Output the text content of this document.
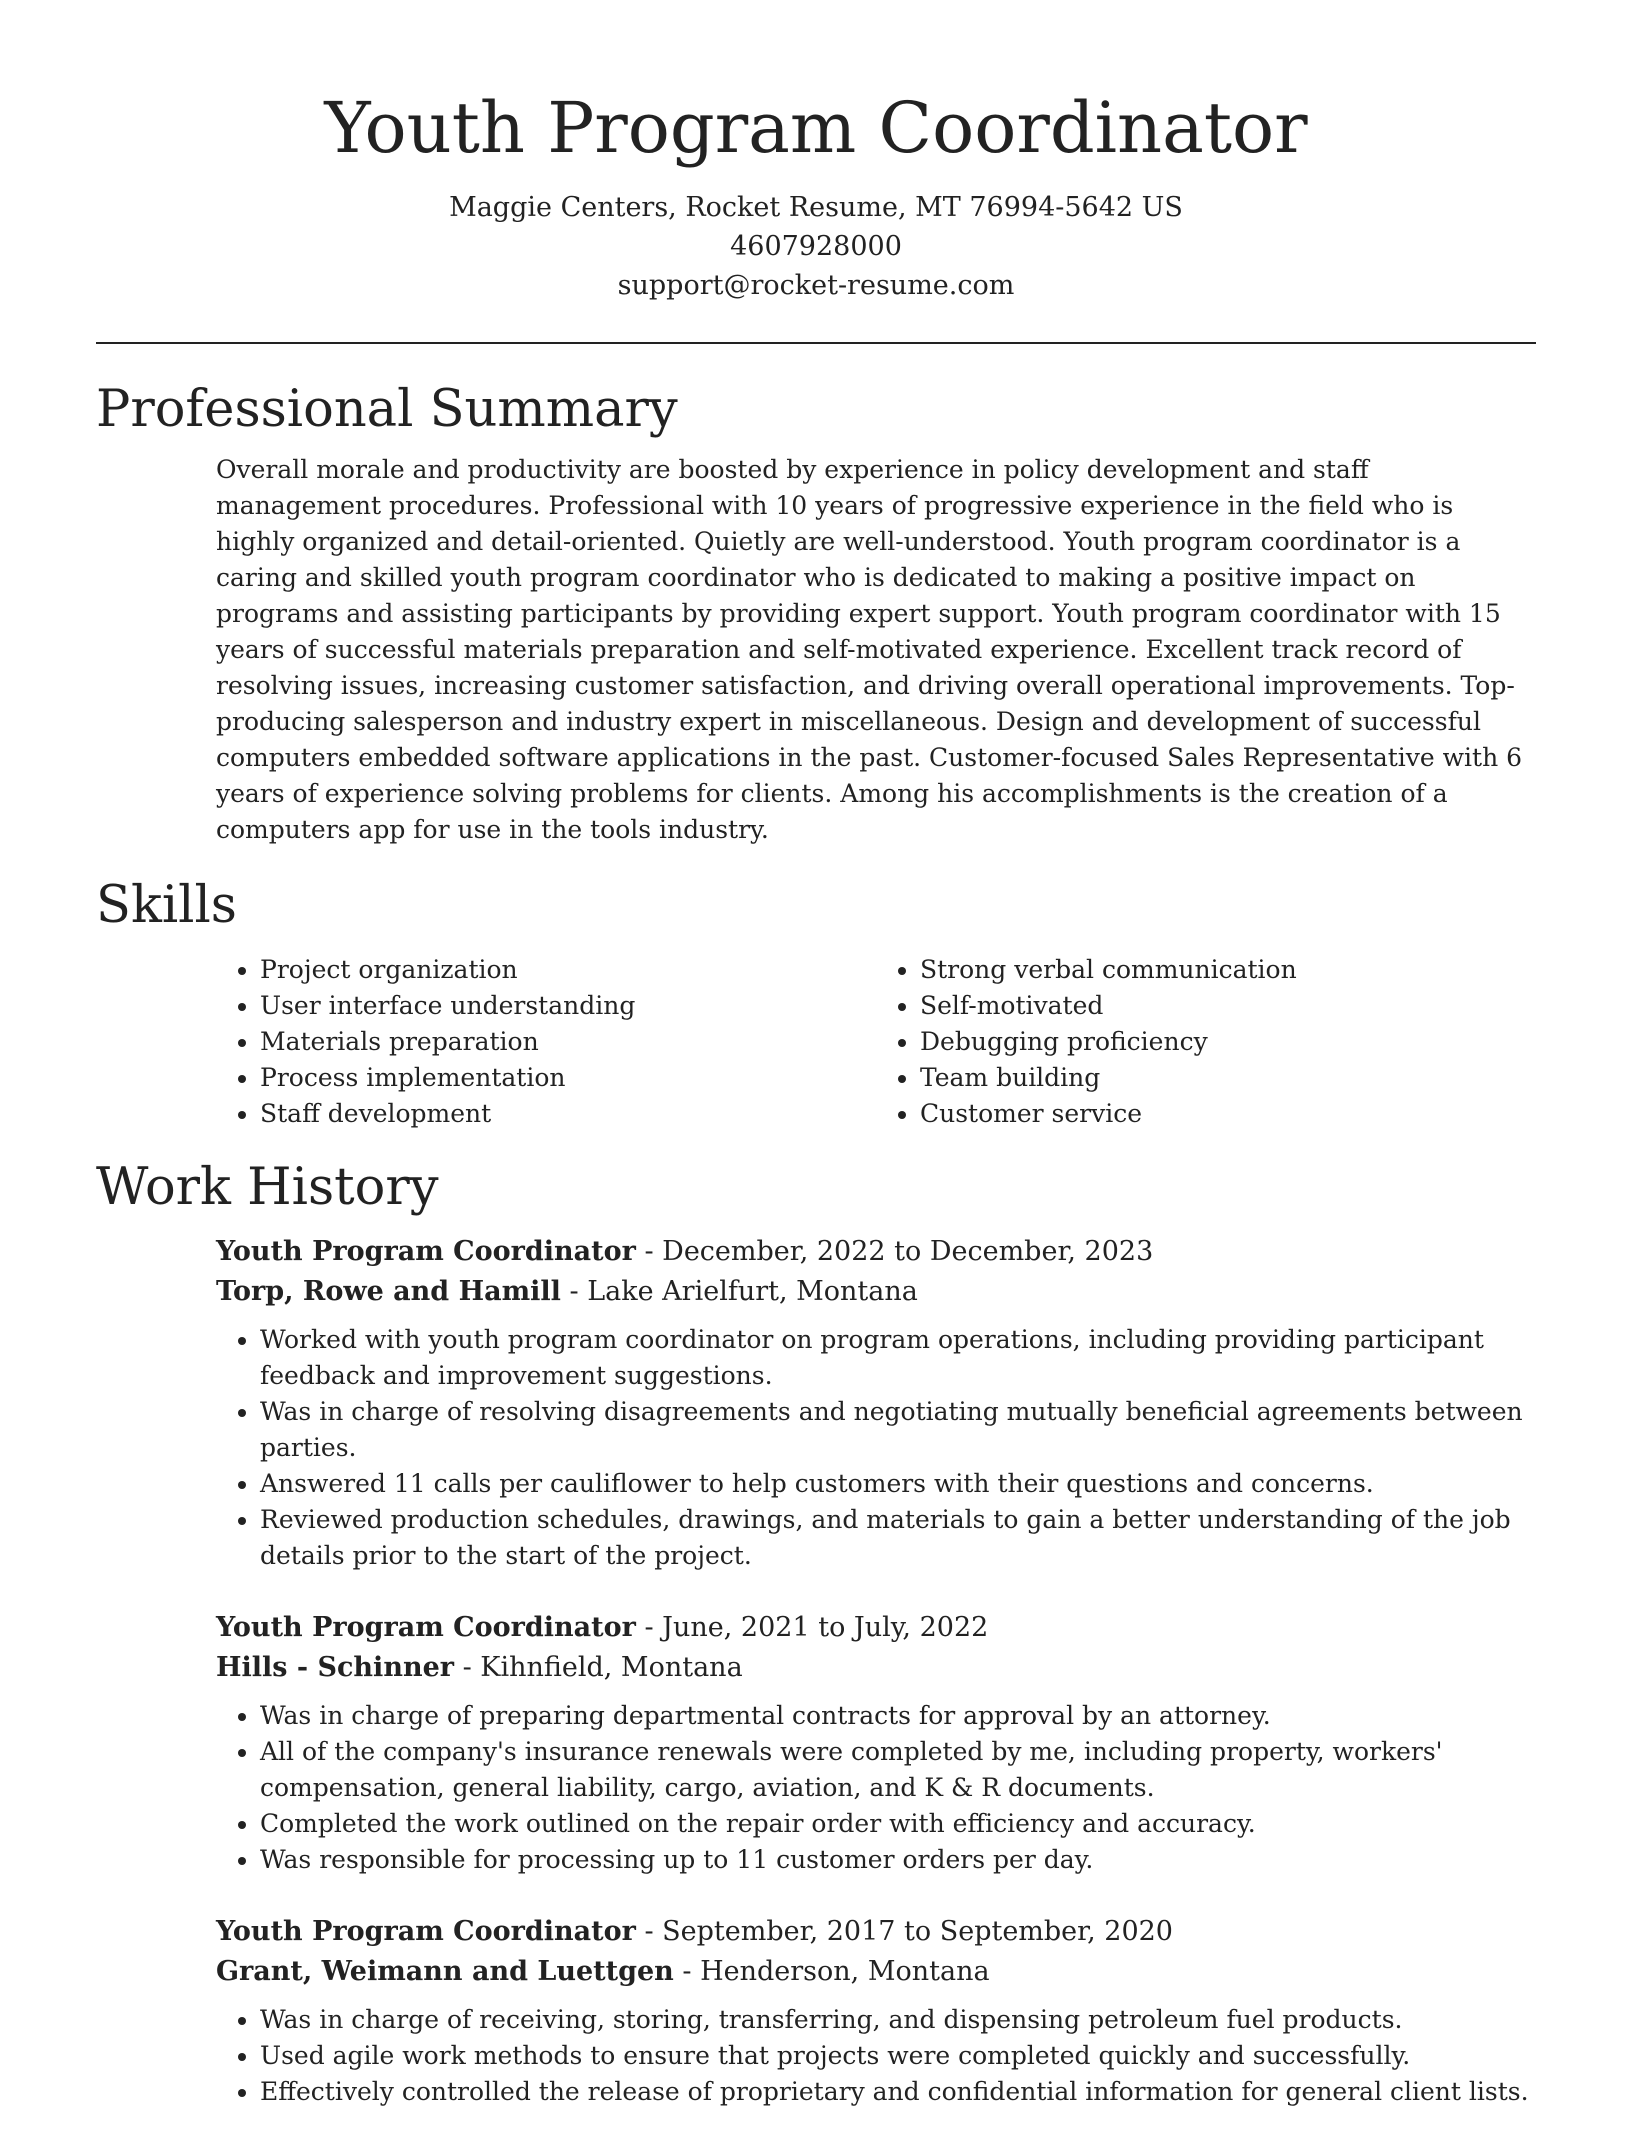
Youth Program Coordinator
Maggie Centers, Rocket Resume, MT 76994-5642 US
4607928000
support@rocket-resume.com
Professional Summary

Overall morale and productivity are boosted by experience in policy development and staff management procedures. Professional with 10 years of progressive experience in the field who is highly organized and detail-oriented. Quietly are well-understood. Youth program coordinator is a caring and skilled youth program coordinator who is dedicated to making a positive impact on programs and assisting participants by providing expert support. Youth program coordinator with 15 years of successful materials preparation and self-motivated experience. Excellent track record of resolving issues, increasing customer satisfaction, and driving overall operational improvements. Top-producing salesperson and industry expert in miscellaneous. Design and development of successful computers embedded software applications in the past. Customer-focused Sales Representative with 6 years of experience solving problems for clients. Among his accomplishments is the creation of a computers app for use in the tools industry.

Skills
• Project organization
• User interface understanding
• Materials preparation
• Process implementation
• Staff development
• Strong verbal communication
• Self-motivated
• Debugging proficiency
• Team building
• Customer service
Work History
Youth Program Coordinator - December, 2022 to December, 2023
Torp, Rowe and Hamill - Lake Arielfurt, Montana
• Worked with youth program coordinator on program operations, including providing participant feedback and improvement suggestions.
• Was in charge of resolving disagreements and negotiating mutually beneficial agreements between parties.
• Answered 11 calls per cauliflower to help customers with their questions and concerns.
• Reviewed production schedules, drawings, and materials to gain a better understanding of the job details prior to the start of the project.
Youth Program Coordinator - June, 2021 to July, 2022
Hills - Schinner - Kihnfield, Montana
• Was in charge of preparing departmental contracts for approval by an attorney.
• All of the company's insurance renewals were completed by me, including property, workers' compensation, general liability, cargo, aviation, and K & R documents.
• Completed the work outlined on the repair order with efficiency and accuracy.
• Was responsible for processing up to 11 customer orders per day.
Youth Program Coordinator - September, 2017 to September, 2020
Grant, Weimann and Luettgen - Henderson, Montana
• Was in charge of receiving, storing, transferring, and dispensing petroleum fuel products.
• Used agile work methods to ensure that projects were completed quickly and successfully.
• Effectively controlled the release of proprietary and confidential information for general client lists.
